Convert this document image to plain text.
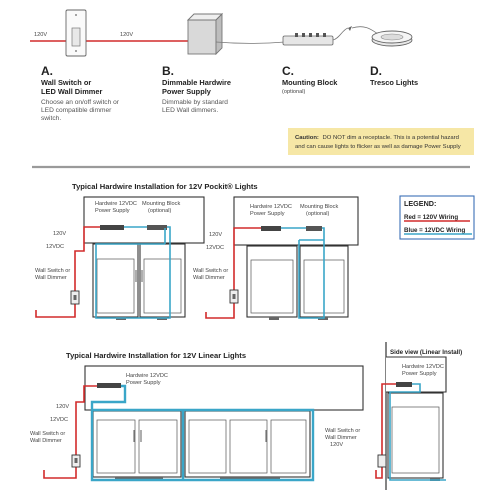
120V	120V
A.
Wall Switch or
LED Wall Dimmer
Choose an on/off switch or
LED compatible dimmer
switch.
B.
Dimmable Hardwire
Power Supply
Dimmable by standard
LED Wall dimmers.
C.
Mounting Block
(optional)
D.
Tresco Lights
Caution: DO NOT dim a receptacle. This is a potential hazard
and can cause lights to flicker as well as damage Power Supply
Typical Hardwire Installation for 12V Pockit® Lights
Hardwire 12VDC
Power Supply
Mounting Block
(optional)
120V
12VDC
Wall Switch or
Wall Dimmer
Hardwire 12VDC
Power Supply
Mounting Block
(optional)
120V
12VDC
Wall Switch or
Wall Dimmer
LEGEND:
Red = 120V Wiring
Blue = 12VDC Wiring
Typical Hardwire Installation for 12V Linear Lights
Hardwire 12VDC
Power Supply
120V
12VDC
Wall Switch or
Wall Dimmer
Side view (Linear Install)
Hardwire 12VDC
Power Supply
Wall Switch or
Wall Dimmer
120V
